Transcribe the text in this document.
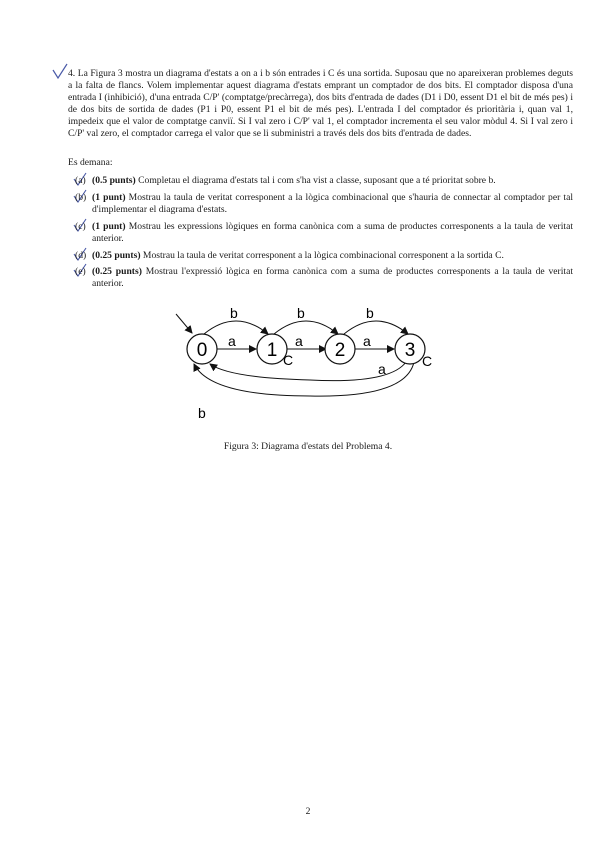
4. La Figura 3 mostra un diagrama d'estats a on a i b són entrades i C és una sortida. Suposau que no apareixeran problemes deguts a la falta de flancs. Volem implementar aquest diagrama d'estats emprant un comptador de dos bits. El comptador disposa d'una entrada I (inhibició), d'una entrada C/P' (comptatge/precàrrega), dos bits d'entrada de dades (D1 i D0, essent D1 el bit de més pes) i de dos bits de sortida de dades (P1 i P0, essent P1 el bit de més pes). L'entrada I del comptador és prioritària i, quan val 1, impedeix que el valor de comptatge canviï. Si I val zero i C/P' val 1, el comptador incrementa el seu valor mòdul 4. Si I val zero i C/P' val zero, el comptador carrega el valor que se li subministri a través dels dos bits d'entrada de dades.
Es demana:
(a) (0.5 punts) Completau el diagrama d'estats tal i com s'ha vist a classe, suposant que a té prioritat sobre b.
(b) (1 punt) Mostrau la taula de veritat corresponent a la lògica combinacional que s'hauria de connectar al comptador per tal d'implementar el diagrama d'estats.
(c) (1 punt) Mostrau les expressions lògiques en forma canònica com a suma de productes corresponents a la taula de veritat anterior.
(d) (0.25 punts) Mostrau la taula de veritat corresponent a la lògica combinacional corresponent a la sortida C.
(e) (0.25 punts) Mostrau l'expressió lògica en forma canònica com a suma de productes corresponents a la taula de veritat anterior.
0	1	2	3
b	b	b
a	a	a
a
b
C	C
Figura 3: Diagrama d'estats del Problema 4.
2
